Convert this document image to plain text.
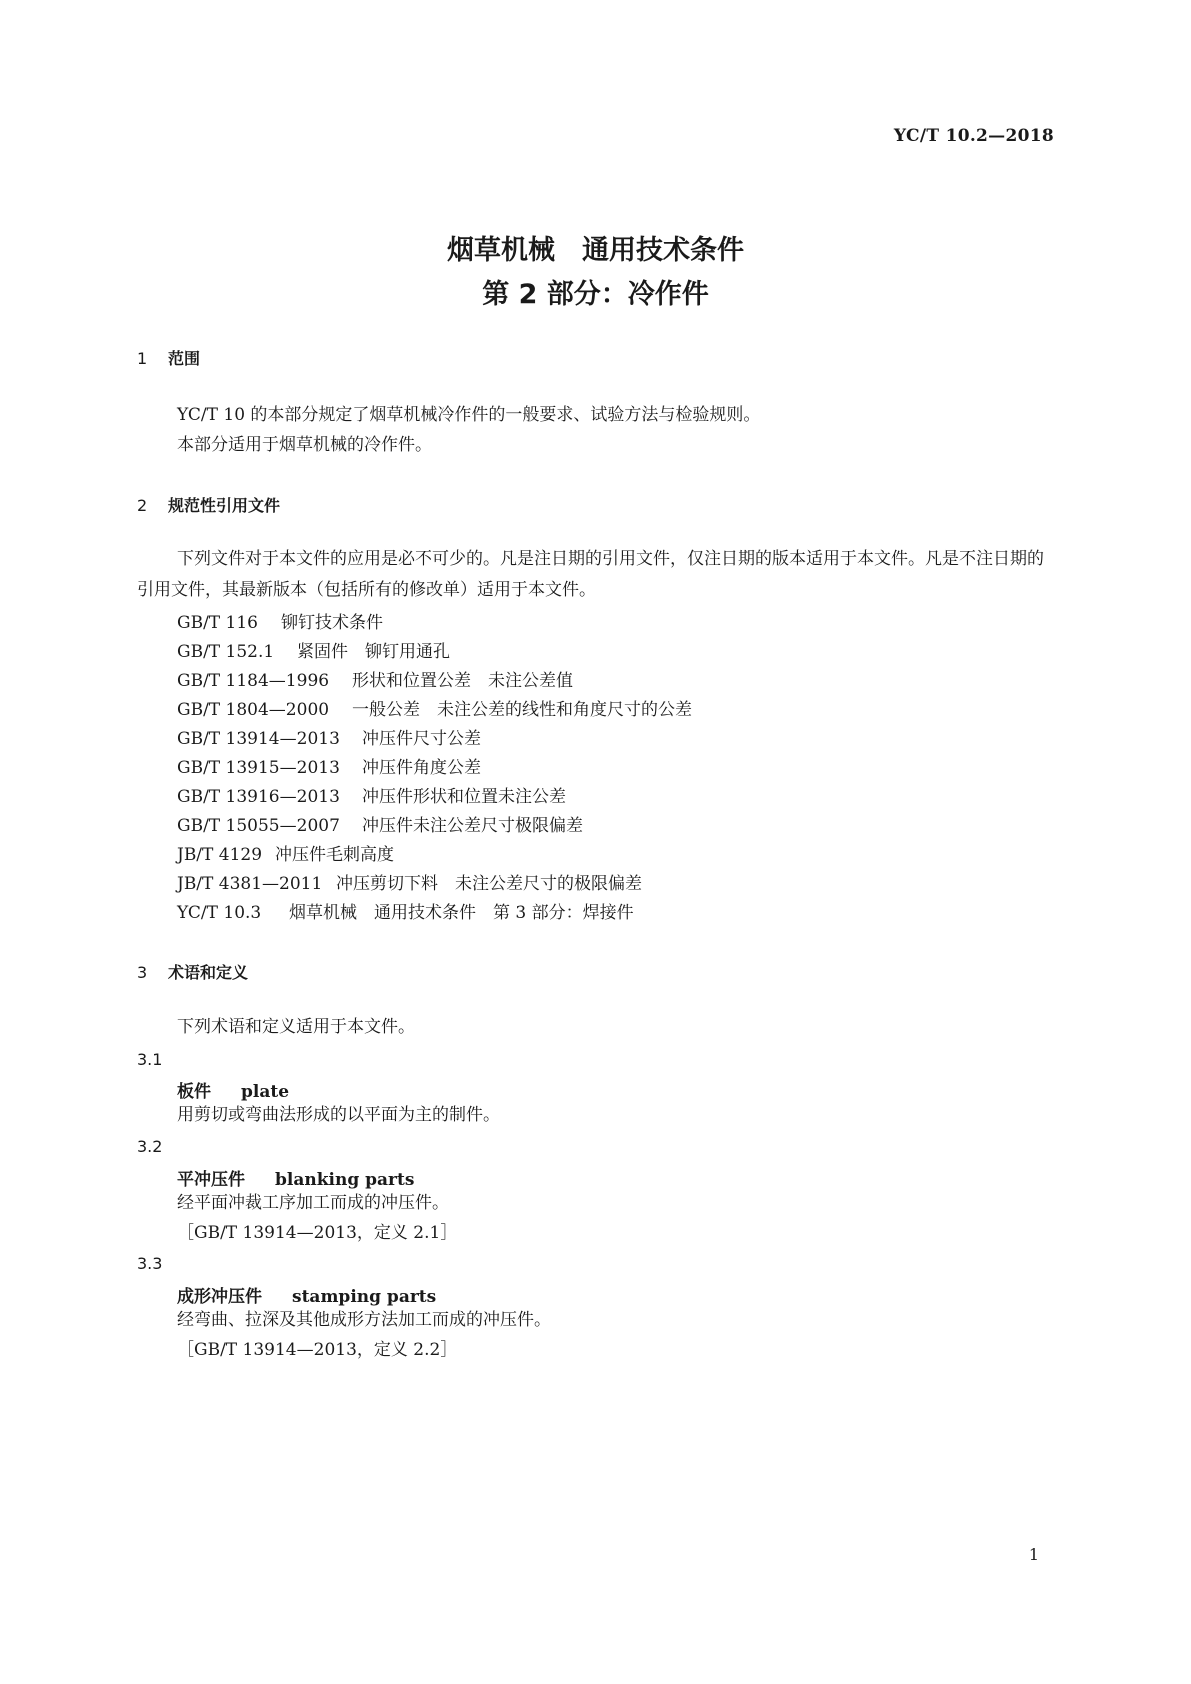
YC/T 10.2—2018
烟草机械　通用技术条件
第 2 部分：冷作件
1 范围
YC/T 10 的本部分规定了烟草机械冷作件的一般要求、试验方法与检验规则。
本部分适用于烟草机械的冷作件。
2 规范性引用文件
下列文件对于本文件的应用是必不可少的。凡是注日期的引用文件，仅注日期的版本适用于本文件。凡是不注日期的引用文件，其最新版本（包括所有的修改单）适用于本文件。
GB/T 116 铆钉技术条件
GB/T 152.1 紧固件　铆钉用通孔
GB/T 1184—1996 形状和位置公差　未注公差值
GB/T 1804—2000 一般公差　未注公差的线性和角度尺寸的公差
GB/T 13914—2013 冲压件尺寸公差
GB/T 13915—2013 冲压件角度公差
GB/T 13916—2013 冲压件形状和位置未注公差
GB/T 15055—2007 冲压件未注公差尺寸极限偏差
JB/T 4129 冲压件毛刺高度
JB/T 4381—2011 冲压剪切下料　未注公差尺寸的极限偏差
YC/T 10.3 烟草机械　通用技术条件　第 3 部分：焊接件
3 术语和定义
下列术语和定义适用于本文件。
3.1
板件 plate
用剪切或弯曲法形成的以平面为主的制件。
3.2
平冲压件 blanking parts
经平面冲裁工序加工而成的冲压件。
［GB/T 13914—2013，定义 2.1］
3.3
成形冲压件 stamping parts
经弯曲、拉深及其他成形方法加工而成的冲压件。
［GB/T 13914—2013，定义 2.2］
1
